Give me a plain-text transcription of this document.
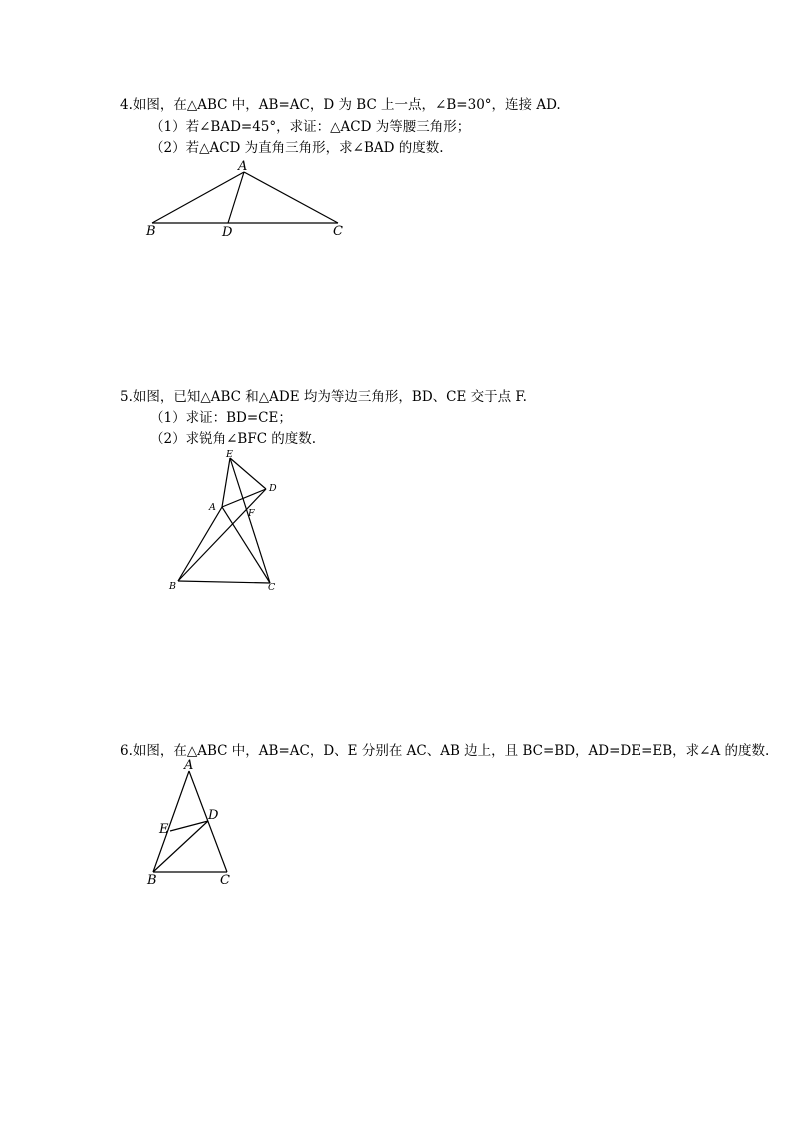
4.如图，在△ABC 中，AB=AC，D 为 BC 上一点，∠B=30°，连接 AD.
（1）若∠BAD=45°，求证：△ACD 为等腰三角形；
（2）若△ACD 为直角三角形，求∠BAD 的度数.
A
B	D	C
5.如图，已知△ABC 和△ADE 均为等边三角形，BD、CE 交于点 F.
（1）求证：BD=CE；
（2）求锐角∠BFC 的度数.
E
D
A
F
B	C
6.如图，在△ABC 中，AB=AC，D、E 分别在 AC、AB 边上，且 BC=BD，AD=DE=EB，求∠A 的度数.
A
D
E
B	C
